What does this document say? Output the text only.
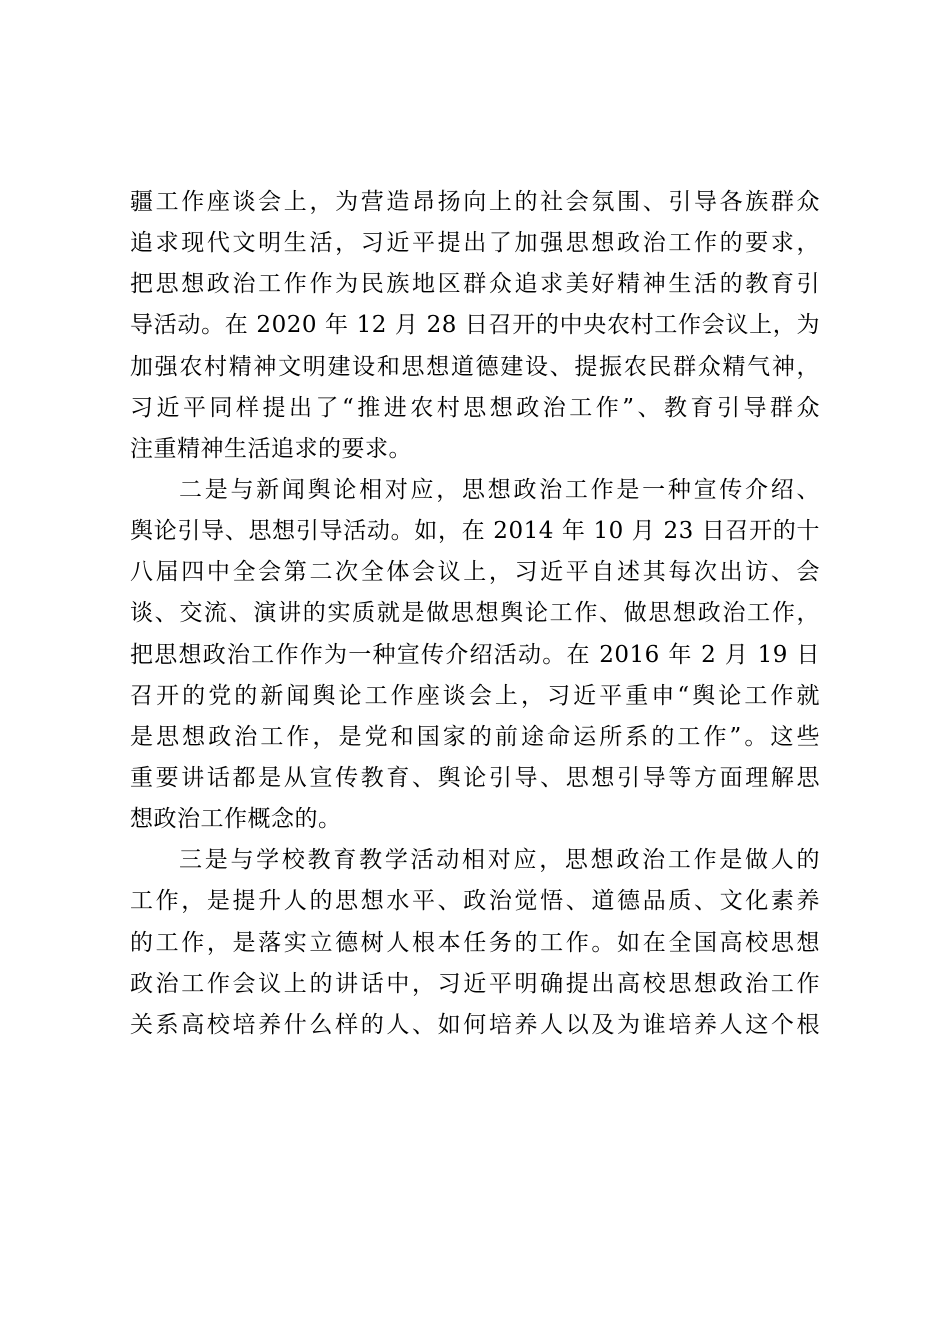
疆工作座谈会上，为营造昂扬向上的社会氛围、引导各族群众
追求现代文明生活，习近平提出了加强思想政治工作的要求，
把思想政治工作作为民族地区群众追求美好精神生活的教育引
导活动。在 2020 年 12 月 28 日召开的中央农村工作会议上，为
加强农村精神文明建设和思想道德建设、提振农民群众精气神，
习近平同样提出了“推进农村思想政治工作”、教育引导群众
注重精神生活追求的要求。
二是与新闻舆论相对应，思想政治工作是一种宣传介绍、
舆论引导、思想引导活动。如，在 2014 年 10 月 23 日召开的十
八届四中全会第二次全体会议上，习近平自述其每次出访、会
谈、交流、演讲的实质就是做思想舆论工作、做思想政治工作，
把思想政治工作作为一种宣传介绍活动。在 2016 年 2 月 19 日
召开的党的新闻舆论工作座谈会上，习近平重申“舆论工作就
是思想政治工作，是党和国家的前途命运所系的工作”。这些
重要讲话都是从宣传教育、舆论引导、思想引导等方面理解思
想政治工作概念的。
三是与学校教育教学活动相对应，思想政治工作是做人的
工作，是提升人的思想水平、政治觉悟、道德品质、文化素养
的工作，是落实立德树人根本任务的工作。如在全国高校思想
政治工作会议上的讲话中，习近平明确提出高校思想政治工作
关系高校培养什么样的人、如何培养人以及为谁培养人这个根
